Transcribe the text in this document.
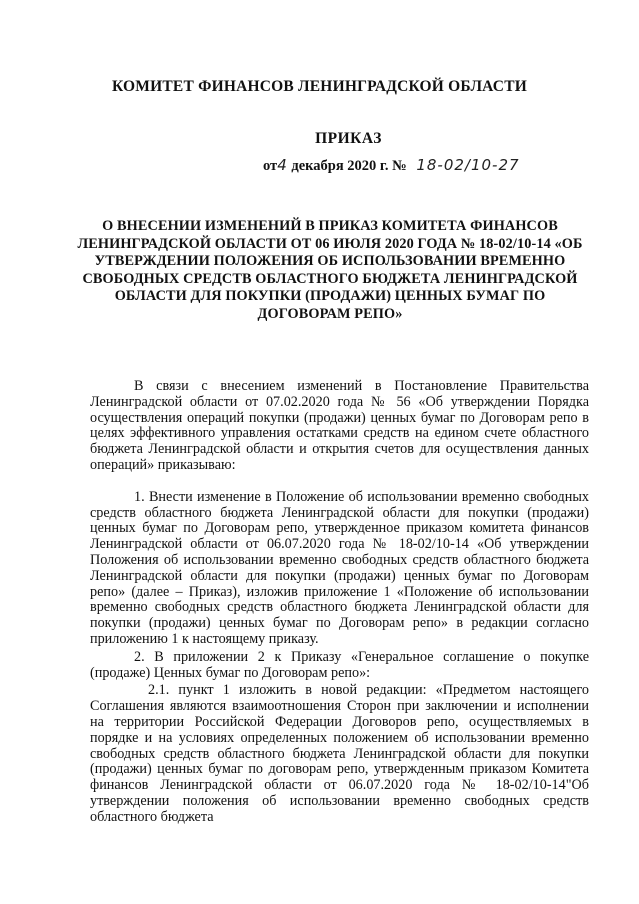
КОМИТЕТ ФИНАНСОВ ЛЕНИНГРАДСКОЙ ОБЛАСТИ
ПРИКАЗ
от4 декабря 2020 г. № 18-02/10-27
О ВНЕСЕНИИ ИЗМЕНЕНИЙ В ПРИКАЗ КОМИТЕТА ФИНАНСОВ ЛЕНИНГРАДСКОЙ ОБЛАСТИ ОТ 06 ИЮЛЯ 2020 ГОДА № 18-02/10-14 «ОБ УТВЕРЖДЕНИИ ПОЛОЖЕНИЯ ОБ ИСПОЛЬЗОВАНИИ ВРЕМЕННО СВОБОДНЫХ СРЕДСТВ ОБЛАСТНОГО БЮДЖЕТА ЛЕНИНГРАДСКОЙ ОБЛАСТИ ДЛЯ ПОКУПКИ (ПРОДАЖИ) ЦЕННЫХ БУМАГ ПО ДОГОВОРАМ РЕПО»

В связи с внесением изменений в Постановление Правительства Ленинградской области от 07.02.2020 года № 56 «Об утверждении Порядка осуществления операций покупки (продажи) ценных бумаг по Договорам репо в целях эффективного управления остатками средств на едином счете областного бюджета Ленинградской области и открытия счетов для осуществления данных операций» приказываю:

1. Внести изменение в Положение об использовании временно свободных средств областного бюджета Ленинградской области для покупки (продажи) ценных бумаг по Договорам репо, утвержденное приказом комитета финансов Ленинградской области от 06.07.2020 года № 18-02/10-14 «Об утверждении Положения об использовании временно свободных средств областного бюджета Ленинградской области для покупки (продажи) ценных бумаг по Договорам репо» (далее – Приказ), изложив приложение 1 «Положение об использовании временно свободных средств областного бюджета Ленинградской области для покупки (продажи) ценных бумаг по Договорам репо» в редакции согласно приложению 1 к настоящему приказу.

2. В приложении 2 к Приказу «Генеральное соглашение о покупке (продаже) Ценных бумаг по Договорам репо»:

2.1. пункт 1 изложить в новой редакции: «Предметом настоящего Соглашения являются взаимоотношения Сторон при заключении и исполнении на территории Российской Федерации Договоров репо, осуществляемых в порядке и на условиях определенных положением об использовании временно свободных средств областного бюджета Ленинградской области для покупки (продажи) ценных бумаг по договорам репо, утвержденным приказом Комитета финансов Ленинградской области от 06.07.2020 года № 18-02/10-14"Об утверждении положения об использовании временно свободных средств областного бюджета
